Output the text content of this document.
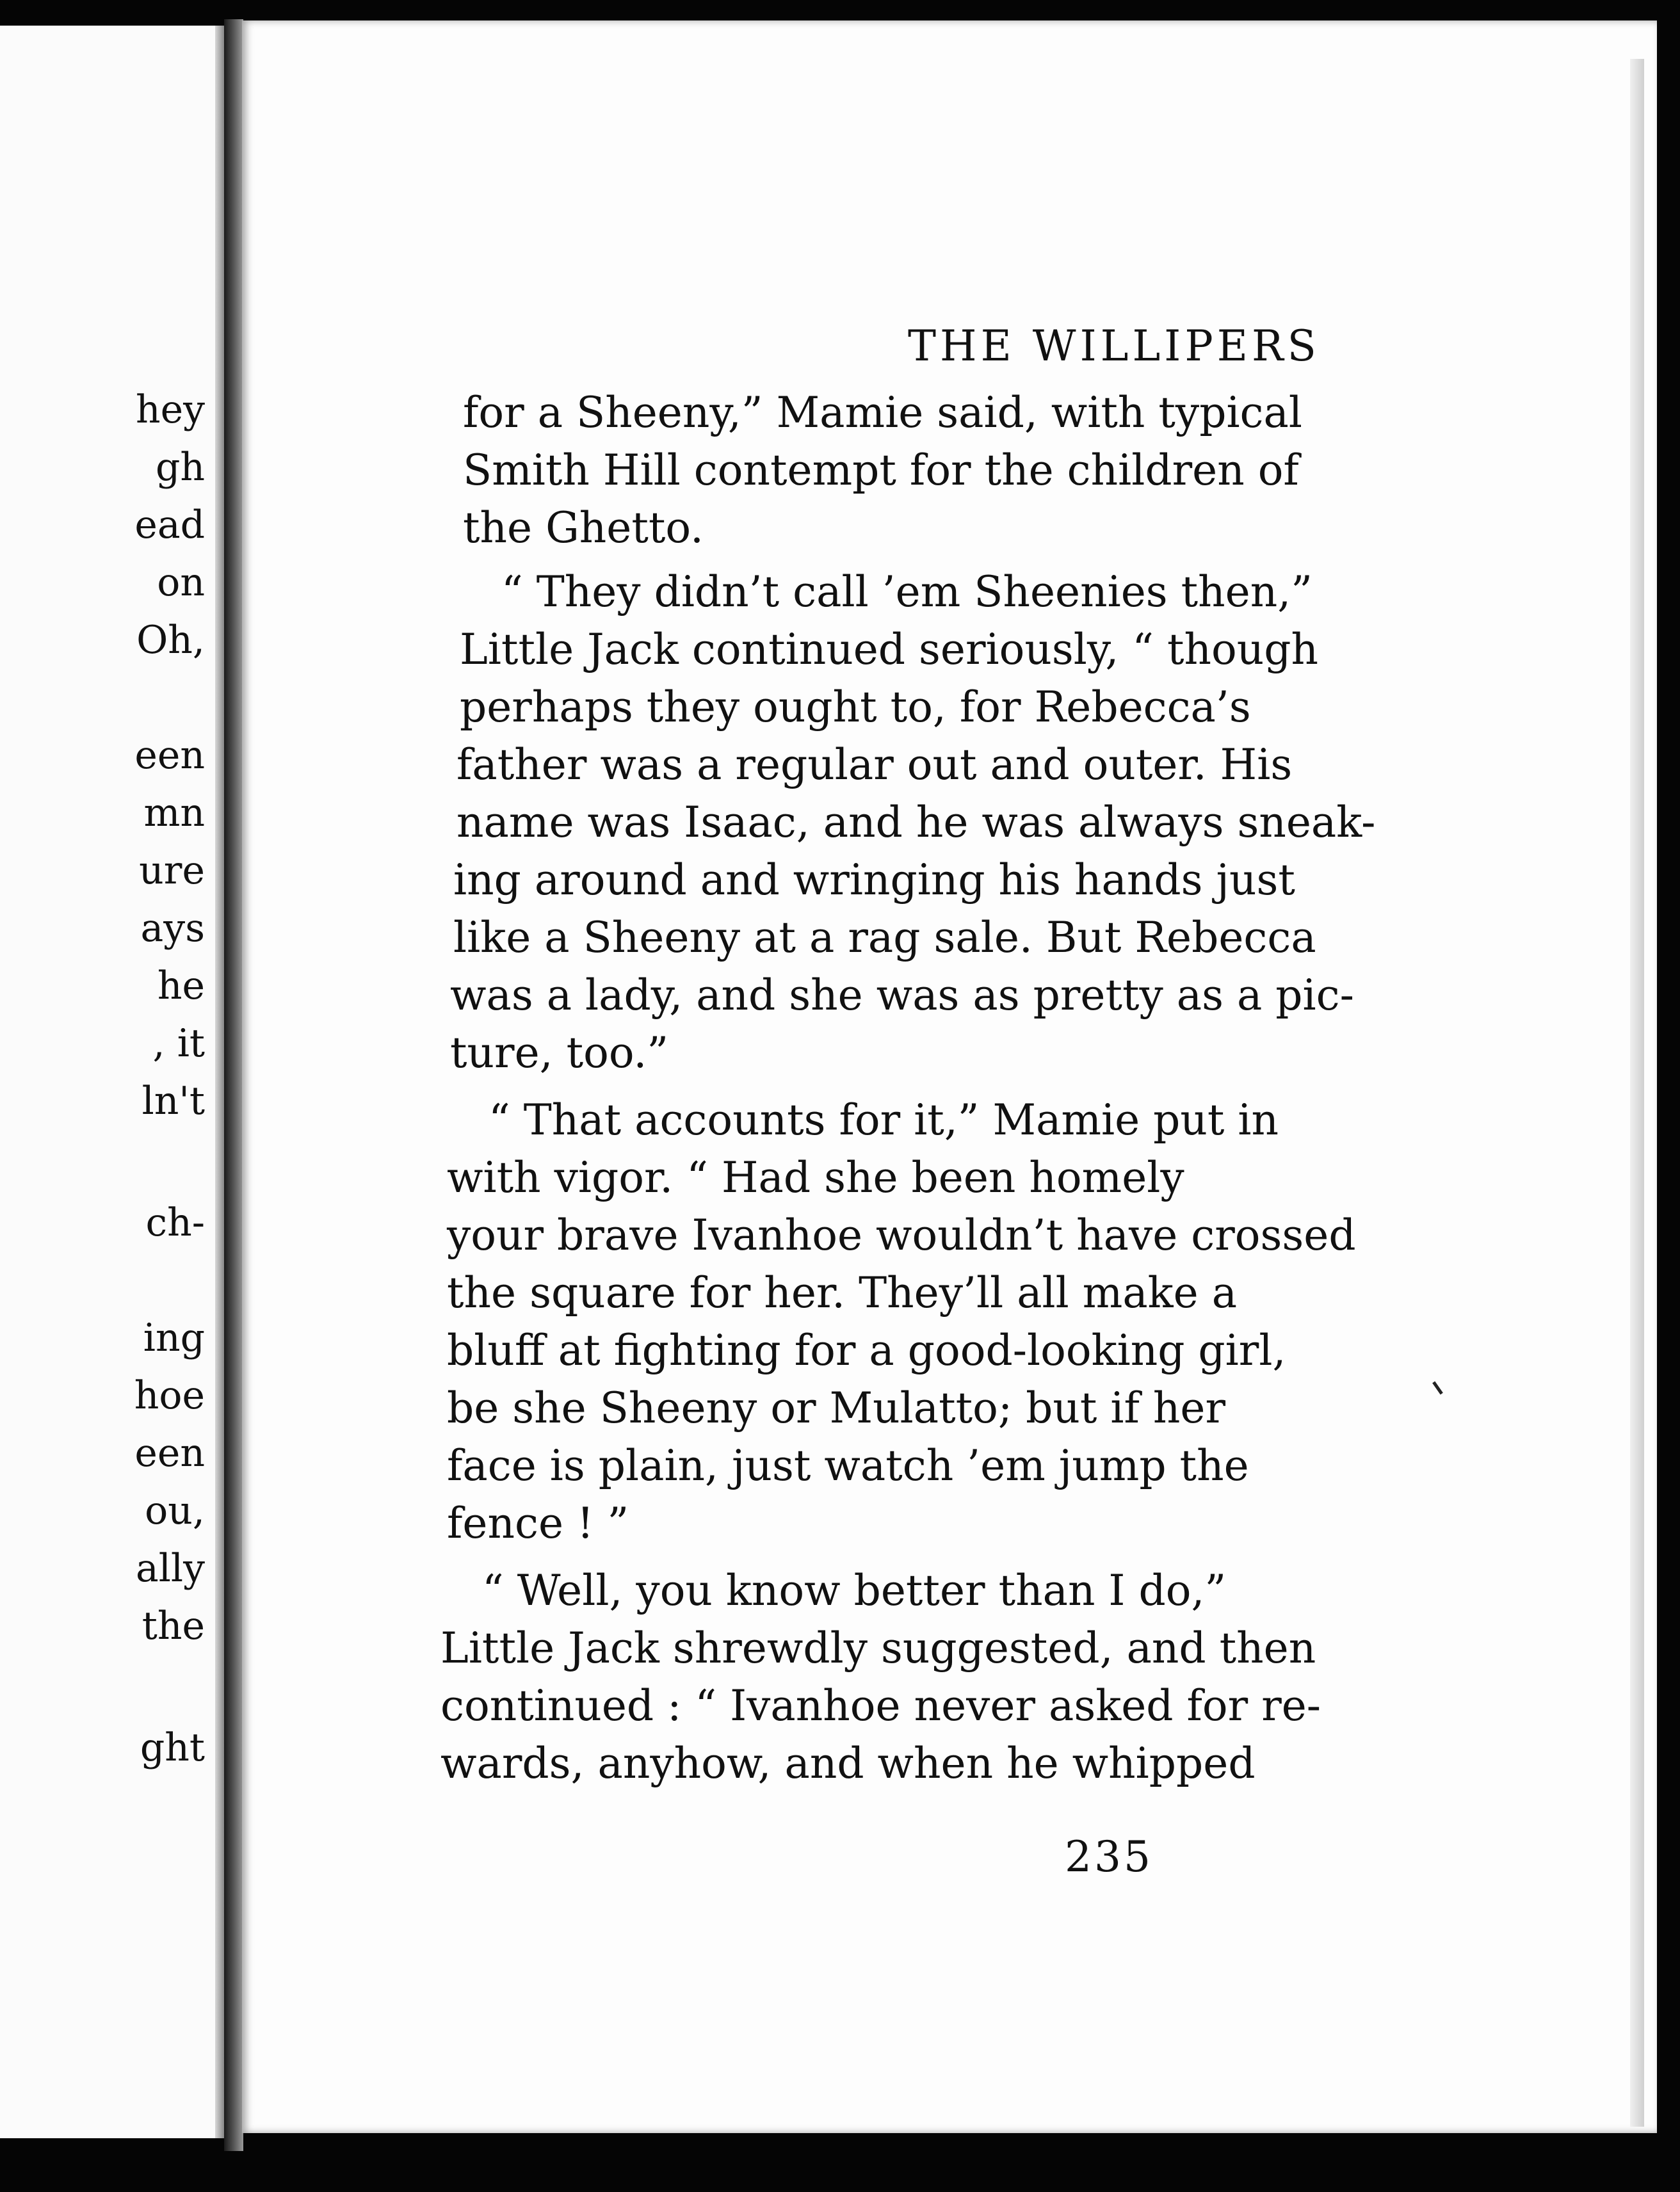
hey
gh
ead
on
Oh,
een
mn
ure
ays
he
, it
ln't
ch-
ing
hoe
een
ou,
ally
the
ght
THE WILLIPERS
for a Sheeny,” Mamie said, with typical
Smith Hill contempt for the children of
the Ghetto.
“ They didn’t call ’em Sheenies then,”
Little Jack continued seriously, “ though
perhaps they ought to, for Rebecca’s
father was a regular out and outer. His
name was Isaac, and he was always sneak-
ing around and wringing his hands just
like a Sheeny at a rag sale. But Rebecca
was a lady, and she was as pretty as a pic-
ture, too.”
“ That accounts for it,” Mamie put in
with vigor. “ Had she been homely
your brave Ivanhoe wouldn’t have crossed
the square for her. They’ll all make a
bluff at fighting for a good-looking girl,
be she Sheeny or Mulatto; but if her
face is plain, just watch ’em jump the
fence ! ”
“ Well, you know better than I do,”
Little Jack shrewdly suggested, and then
continued : “ Ivanhoe never asked for re-
wards, anyhow, and when he whipped
235
